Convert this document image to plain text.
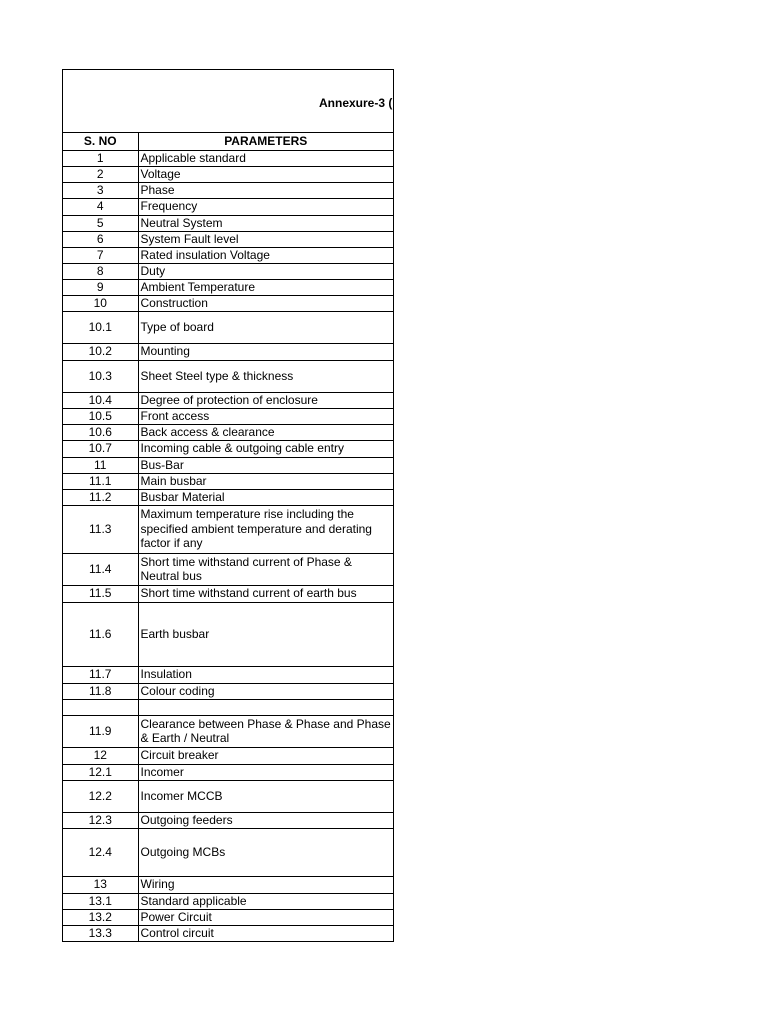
Annexure-3 (
S. NO	PARAMETERS
1	Applicable standard
2	Voltage
3	Phase
4	Frequency
5	Neutral System
6	System Fault level
7	Rated insulation Voltage
8	Duty
9	Ambient Temperature
10	Construction
10.1	Type of board
10.2	Mounting
10.3	Sheet Steel type & thickness
10.4	Degree of protection of enclosure
10.5	Front access
10.6	Back access & clearance
10.7	Incoming cable & outgoing cable entry
11	Bus-Bar
11.1	Main busbar
11.2	Busbar Material
11.3	Maximum temperature rise including the specified ambient temperature and derating factor if any
11.4	Short time withstand current of Phase & Neutral bus
11.5	Short time withstand current of earth bus
11.6	Earth busbar
11.7	Insulation
11.8	Colour coding

11.9	Clearance between Phase & Phase and Phase & Earth / Neutral
12	Circuit breaker
12.1	Incomer
12.2	Incomer MCCB
12.3	Outgoing feeders
12.4	Outgoing MCBs
13	Wiring
13.1	Standard applicable
13.2	Power Circuit
13.3	Control circuit
